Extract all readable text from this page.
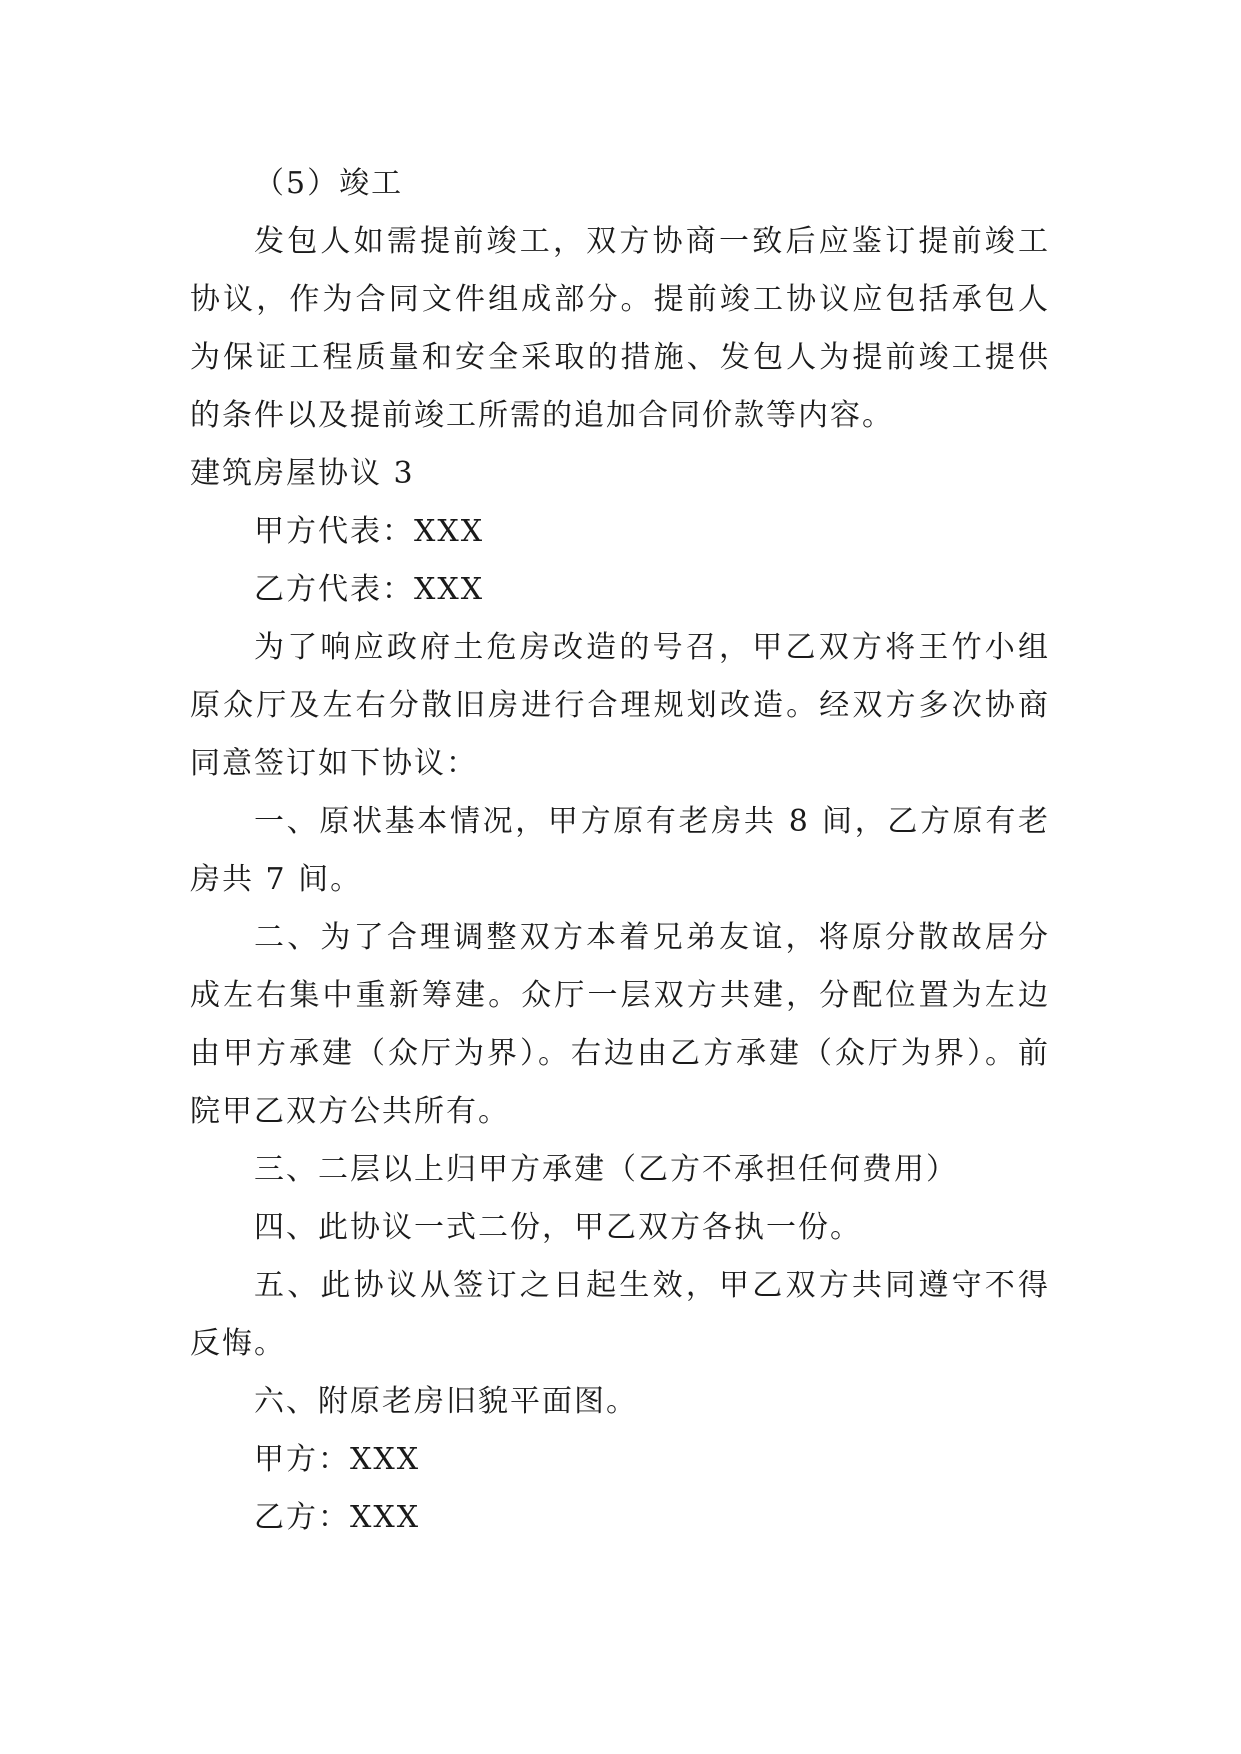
（5）竣工

发包人如需提前竣工，双方协商一致后应鉴订提前竣工协议，作为合同文件组成部分。提前竣工协议应包括承包人为保证工程质量和安全采取的措施、发包人为提前竣工提供的条件以及提前竣工所需的追加合同价款等内容。

建筑房屋协议 3

甲方代表：XXX

乙方代表：XXX

为了响应政府土危房改造的号召，甲乙双方将王竹小组原众厅及左右分散旧房进行合理规划改造。经双方多次协商同意签订如下协议：

一、原状基本情况，甲方原有老房共 8 间，乙方原有老房共 7 间。

二、为了合理调整双方本着兄弟友谊，将原分散故居分成左右集中重新筹建。众厅一层双方共建，分配位置为左边由甲方承建（众厅为界）。右边由乙方承建（众厅为界）。前院甲乙双方公共所有。

三、二层以上归甲方承建（乙方不承担任何费用）

四、此协议一式二份，甲乙双方各执一份。

五、此协议从签订之日起生效，甲乙双方共同遵守不得反悔。

六、附原老房旧貌平面图。

甲方：XXX

乙方：XXX
